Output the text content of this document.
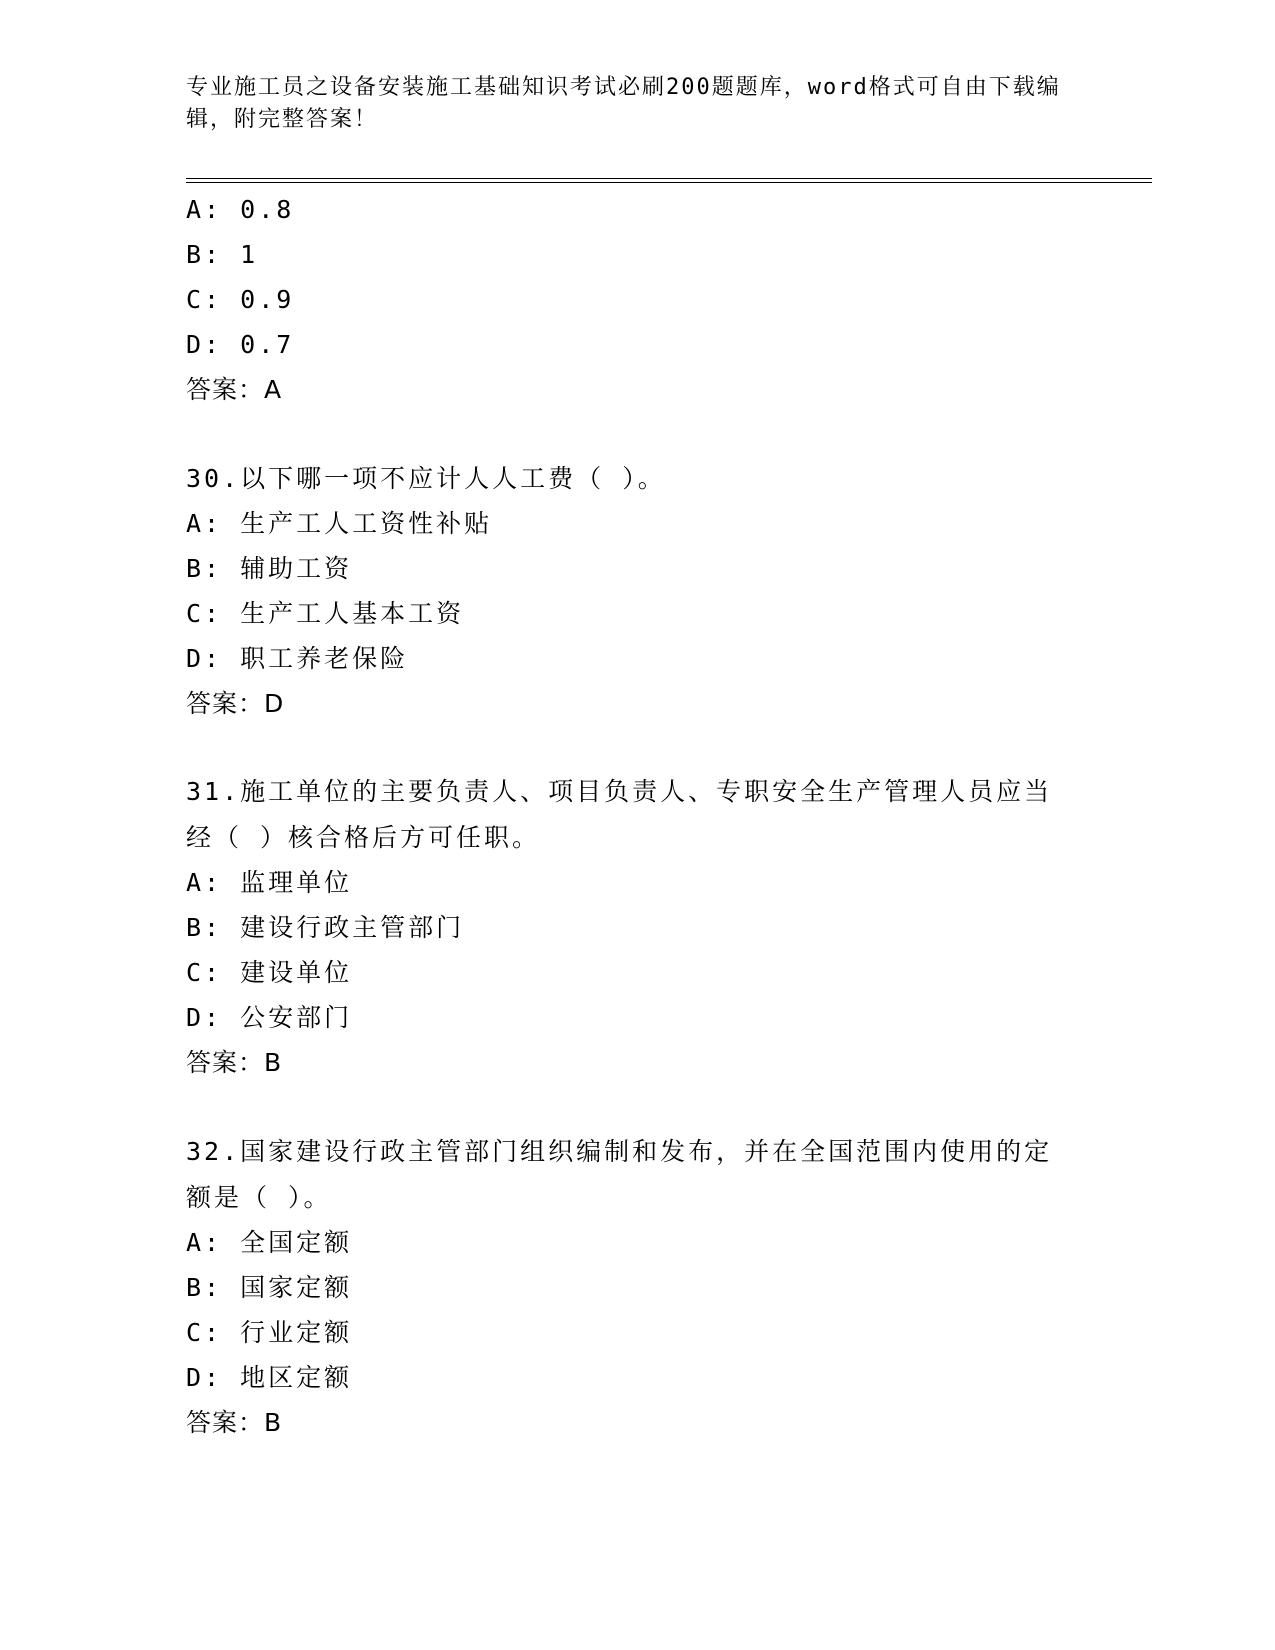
专业施工员之设备安装施工基础知识考试必刷200题题库，word格式可自由下载编辑，附完整答案！
A: 0.8
B: 1
C: 0.9
D: 0.7
答案：A
30.以下哪一项不应计人人工费（ ）。
A: 生产工人工资性补贴
B: 辅助工资
C: 生产工人基本工资
D: 职工养老保险
答案：D
31.施工单位的主要负责人、项目负责人、专职安全生产管理人员应当经（ ）核合格后方可任职。
A: 监理单位
B: 建设行政主管部门
C: 建设单位
D: 公安部门
答案：B
32.国家建设行政主管部门组织编制和发布，并在全国范围内使用的定额是（ ）。
A: 全国定额
B: 国家定额
C: 行业定额
D: 地区定额
答案：B
